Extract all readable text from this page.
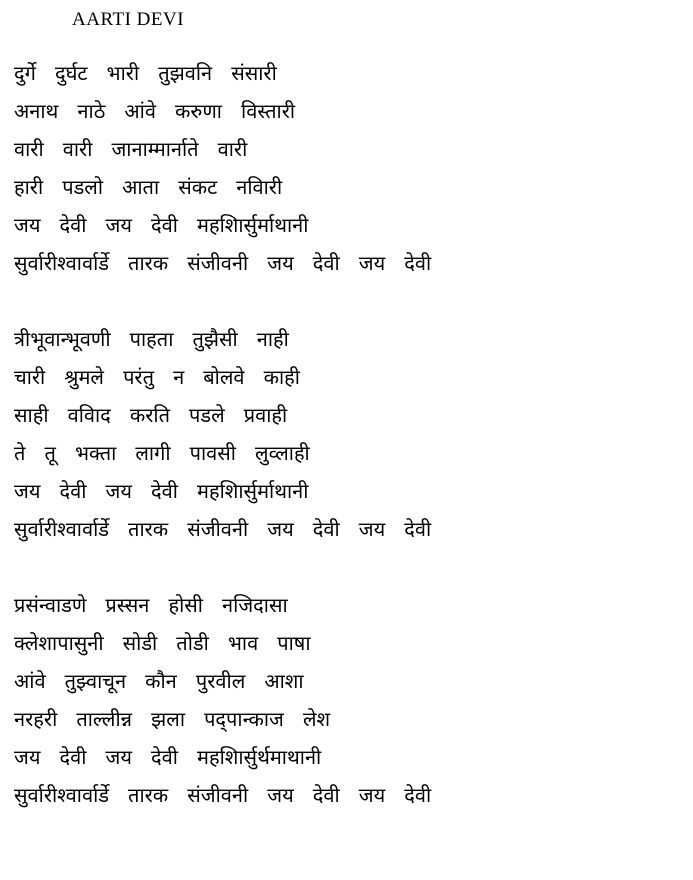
AARTI DEVI
दुर्गे   दुर्घट   भारी   तुझवनि   संसारी
अनाथ   नाठे   आंवे   करुणा   विस्तारी
वारी   वारी   जानाम्मार्नाते   वारी
हारी   पडलो   आता   संकट   नविारी
जय   देवी   जय   देवी   महशिार्सुर्माथानी
सुर्वारीश्वार्वार्डे   तारक   संजीवनी   जय   देवी   जय   देवी
त्रीभूवान्भूवणी   पाहता   तुझैसी   नाही
चारी   श्रुमले   परंतु   न   बोलवे   काही
साही   ववािद   करति   पडले   प्रवाही
ते   तू   भक्ता   लागी   पावसी   लुव्लाही
जय   देवी   जय   देवी   महशिार्सुर्माथानी
सुर्वारीश्वार्वार्डे   तारक   संजीवनी   जय   देवी   जय   देवी
प्रसंन्वाडणे   प्रस्सन   होसी   नजिदासा
क्लेशापासुनी   सोडी   तोडी   भाव   पाषा
आंवे   तुझ्वाचून   कौन   पुरवील   आशा
नरहरी   ताल्लीन्न   झला   पद्पान्काज   लेश
जय   देवी   जय   देवी   महशिार्सुर्थमाथानी
सुर्वारीश्वार्वार्डे   तारक   संजीवनी   जय   देवी   जय   देवी
